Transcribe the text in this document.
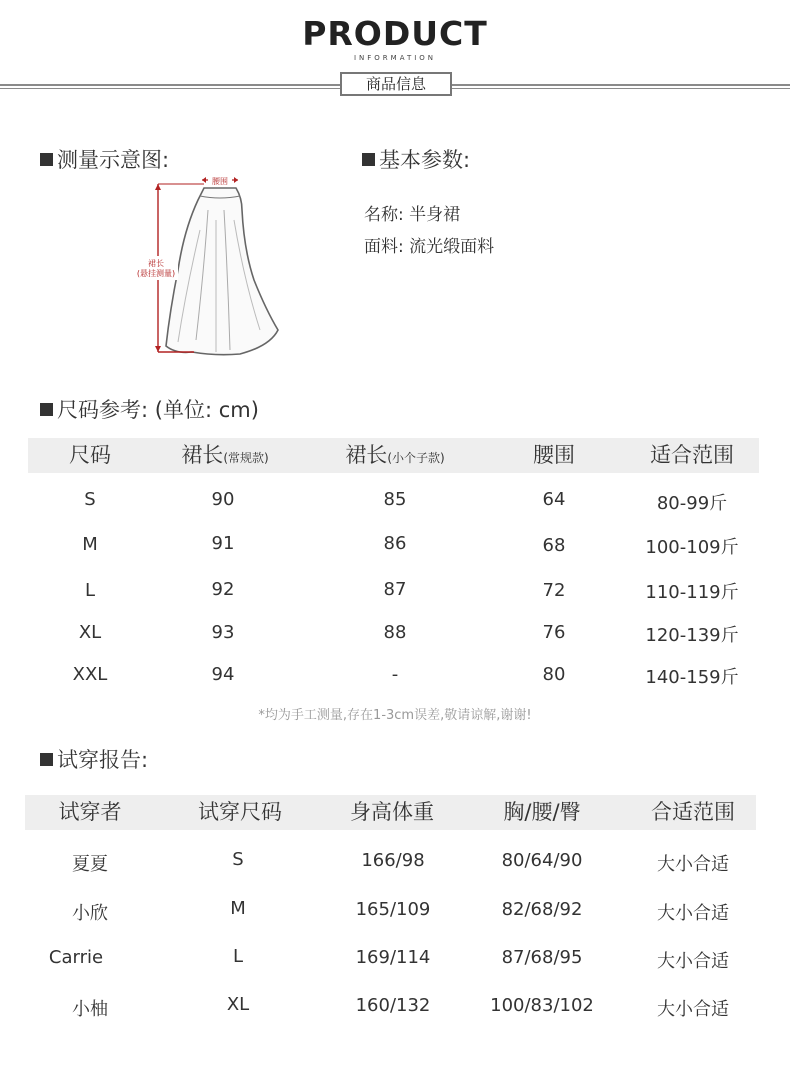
PRODUCT
INFORMATION
商品信息
测量示意图:
腰围
裙长
(悬挂测量)
基本参数:
名称: 半身裙
面料: 流光缎面料
尺码参考: (单位: cm)
尺码	裙长(常规款)	裙长(小个子款)	腰围	适合范围
S	90	85	64	80-99斤
M	91	86	68	100-109斤
L	92	87	72	110-119斤
XL	93	88	76	120-139斤
XXL	94	-	80	140-159斤
*均为手工测量,存在1-3cm误差,敬请谅解,谢谢!
试穿报告:
试穿者	试穿尺码	身高体重	胸/腰/臀	合适范围
夏夏	S	166/98	80/64/90	大小合适
小欣	M	165/109	82/68/92	大小合适
Carrie	L	169/114	87/68/95	大小合适
小柚	XL	160/132	100/83/102	大小合适
